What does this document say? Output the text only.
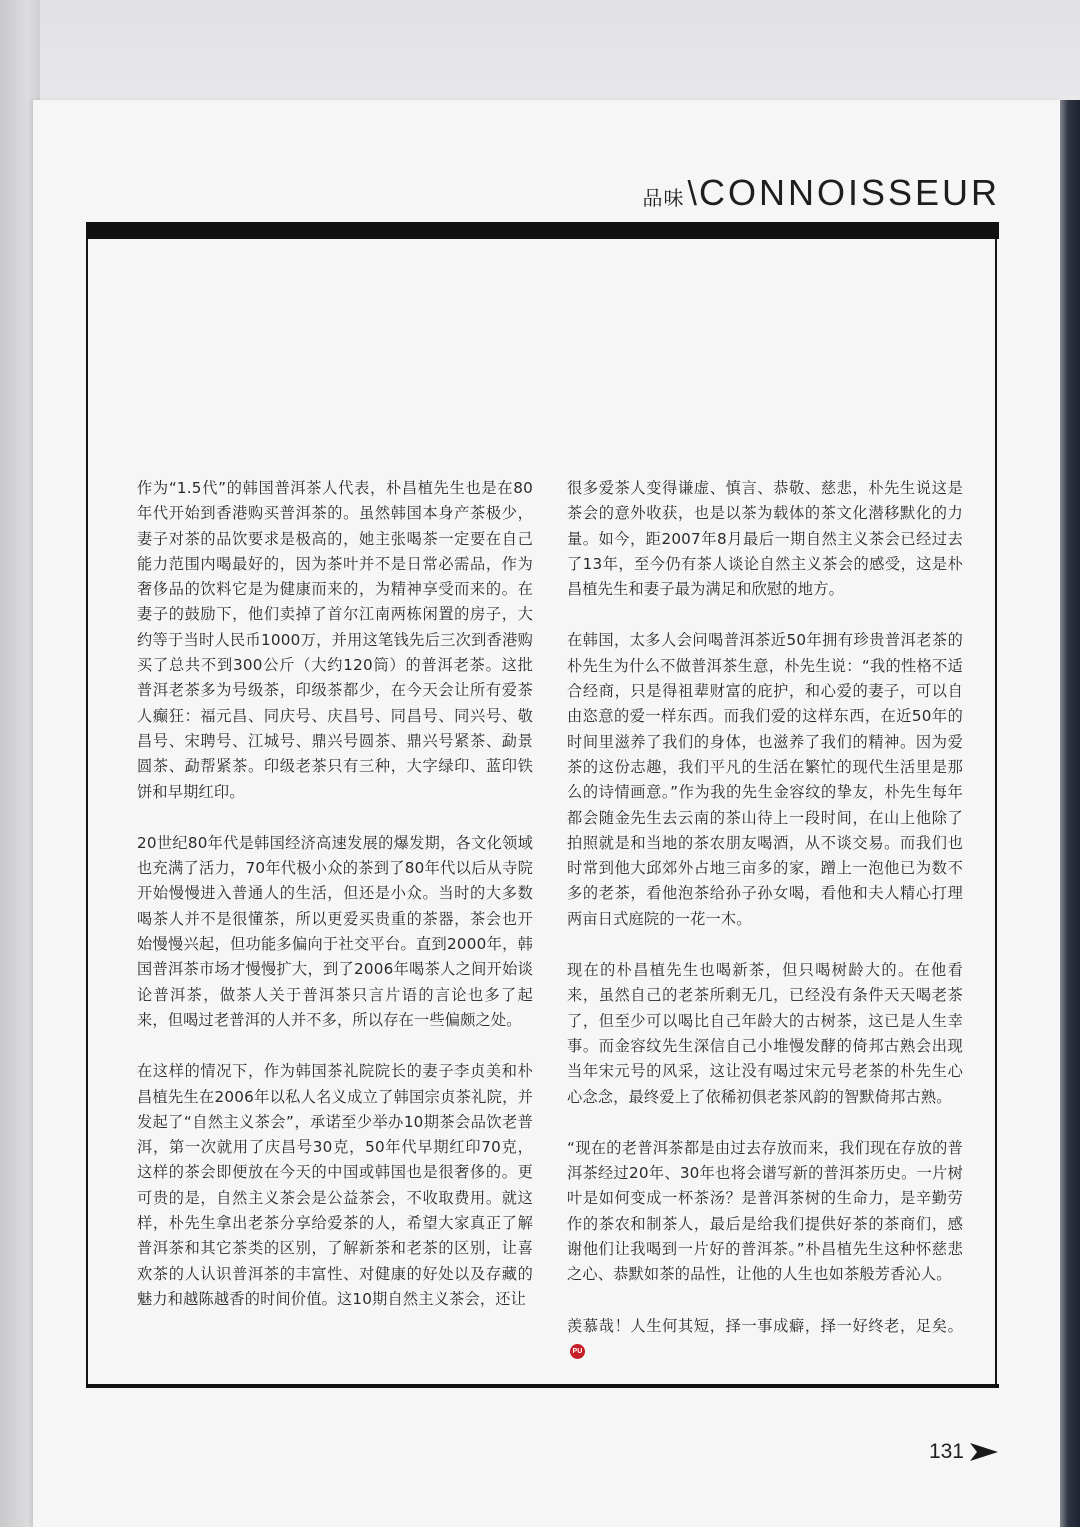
品味 \ CONNOISSEUR

作为“1.5代”的韩国普洱茶人代表，朴昌植先生也是在80年代开始到香港购买普洱茶的。虽然韩国本身产茶极少，妻子对茶的品饮要求是极高的，她主张喝茶一定要在自己能力范围内喝最好的，因为茶叶并不是日常必需品，作为奢侈品的饮料它是为健康而来的，为精神享受而来的。在妻子的鼓励下，他们卖掉了首尔江南两栋闲置的房子，大约等于当时人民币1000万，并用这笔钱先后三次到香港购买了总共不到300公斤（大约120筒）的普洱老茶。这批普洱老茶多为号级茶，印级茶都少，在今天会让所有爱茶人癫狂：福元昌、同庆号、庆昌号、同昌号、同兴号、敬昌号、宋聘号、江城号、鼎兴号圆茶、鼎兴号紧茶、勐景圆茶、勐帮紧茶。印级老茶只有三种，大字绿印、蓝印铁饼和早期红印。

20世纪80年代是韩国经济高速发展的爆发期，各文化领域也充满了活力，70年代极小众的茶到了80年代以后从寺院开始慢慢进入普通人的生活，但还是小众。当时的大多数喝茶人并不是很懂茶，所以更爱买贵重的茶器，茶会也开始慢慢兴起，但功能多偏向于社交平台。直到2000年，韩国普洱茶市场才慢慢扩大，到了2006年喝茶人之间开始谈论普洱茶，做茶人关于普洱茶只言片语的言论也多了起来，但喝过老普洱的人并不多，所以存在一些偏颇之处。

在这样的情况下，作为韩国茶礼院院长的妻子李贞美和朴昌植先生在2006年以私人名义成立了韩国宗贞茶礼院，并发起了“自然主义茶会”，承诺至少举办10期茶会品饮老普洱，第一次就用了庆昌号30克，50年代早期红印70克，这样的茶会即便放在今天的中国或韩国也是很奢侈的。更可贵的是，自然主义茶会是公益茶会，不收取费用。就这样，朴先生拿出老茶分享给爱茶的人，希望大家真正了解普洱茶和其它茶类的区别，了解新茶和老茶的区别，让喜欢茶的人认识普洱茶的丰富性、对健康的好处以及存藏的魅力和越陈越香的时间价值。这10期自然主义茶会，还让

很多爱茶人变得谦虚、慎言、恭敬、慈悲，朴先生说这是茶会的意外收获，也是以茶为载体的茶文化潜移默化的力量。如今，距2007年8月最后一期自然主义茶会已经过去了13年，至今仍有茶人谈论自然主义茶会的感受，这是朴昌植先生和妻子最为满足和欣慰的地方。

在韩国，太多人会问喝普洱茶近50年拥有珍贵普洱老茶的朴先生为什么不做普洱茶生意，朴先生说：“我的性格不适合经商，只是得祖辈财富的庇护，和心爱的妻子，可以自由恣意的爱一样东西。而我们爱的这样东西，在近50年的时间里滋养了我们的身体，也滋养了我们的精神。因为爱茶的这份志趣，我们平凡的生活在繁忙的现代生活里是那么的诗情画意。”作为我的先生金容纹的挚友，朴先生每年都会随金先生去云南的茶山待上一段时间，在山上他除了拍照就是和当地的茶农朋友喝酒，从不谈交易。而我们也时常到他大邱郊外占地三亩多的家，蹭上一泡他已为数不多的老茶，看他泡茶给孙子孙女喝，看他和夫人精心打理两亩日式庭院的一花一木。

现在的朴昌植先生也喝新茶，但只喝树龄大的。在他看来，虽然自己的老茶所剩无几，已经没有条件天天喝老茶了，但至少可以喝比自己年龄大的古树茶，这已是人生幸事。而金容纹先生深信自己小堆慢发酵的倚邦古熟会出现当年宋元号的风采，这让没有喝过宋元号老茶的朴先生心心念念，最终爱上了依稀初俱老茶风韵的智默倚邦古熟。

“现在的老普洱茶都是由过去存放而来，我们现在存放的普洱茶经过20年、30年也将会谱写新的普洱茶历史。一片树叶是如何变成一杯茶汤？是普洱茶树的生命力，是辛勤劳作的茶农和制茶人，最后是给我们提供好茶的茶商们，感谢他们让我喝到一片好的普洱茶。”朴昌植先生这种怀慈悲之心、恭默如茶的品性，让他的人生也如茶般芳香沁人。

羡慕哉！人生何其短，择一事成癖，择一好终老，足矣。PU

131
